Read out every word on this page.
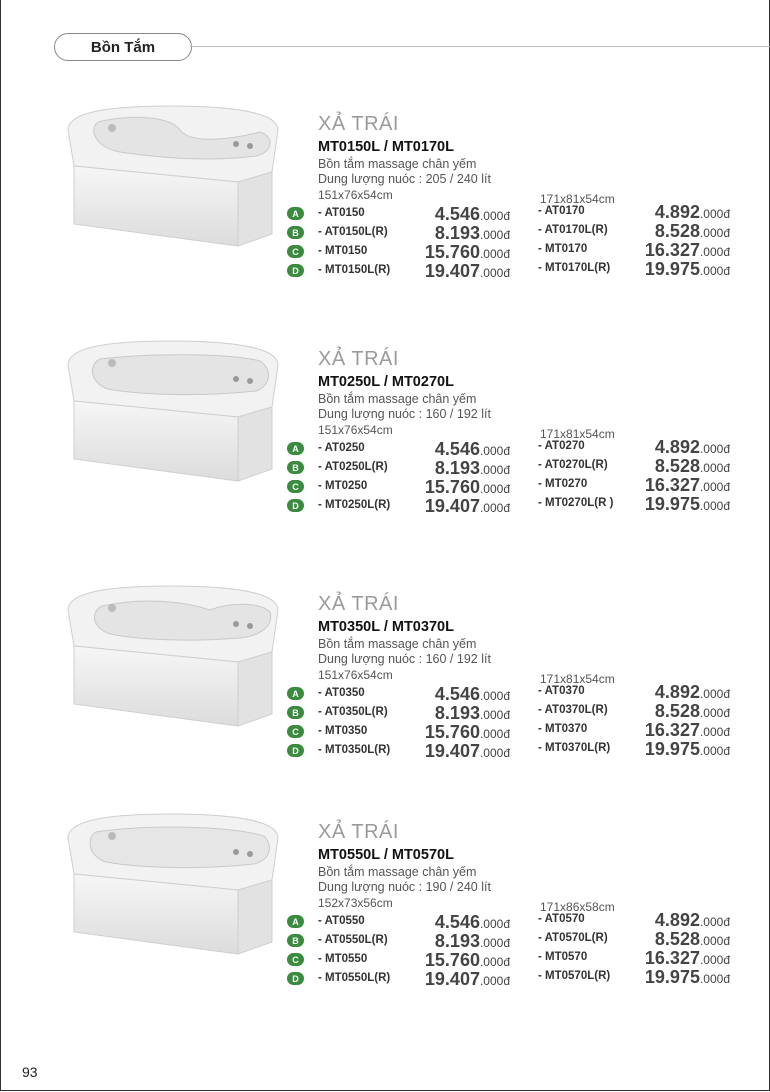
Bồn Tắm
XẢ TRÁI
MT0150L / MT0170L
Bồn tắm massage chân yếm
Dung lượng nuóc : 205 / 240 lít
151x76x54cm	171x81x54cm
A	- AT0150	4.546.000đ - AT0170	4.892.000đ
B	- AT0150L(R)	8.193.000đ - AT0170L(R)	8.528.000đ
C	- MT0150	15.760.000đ - MT0170	16.327.000đ
D	- MT0150L(R) 19.407.000đ - MT0170L(R) 19.975.000đ
XẢ TRÁI
MT0250L / MT0270L
Bồn tắm massage chân yếm
Dung lượng nuóc : 160 / 192 lít
151x76x54cm	171x81x54cm
A	- AT0250	4.546.000đ - AT0270	4.892.000đ
B	- AT0250L(R)	8.193.000đ - AT0270L(R)	8.528.000đ
C	- MT0250	15.760.000đ - MT0270	16.327.000đ
D	- MT0250L(R) 19.407.000đ - MT0270L(R ) 19.975.000đ
XẢ TRÁI
MT0350L / MT0370L
Bồn tắm massage chân yếm
Dung lượng nuóc : 160 / 192 lít
151x76x54cm	171x81x54cm
A	- AT0350	4.546.000đ - AT0370	4.892.000đ
B	- AT0350L(R)	8.193.000đ - AT0370L(R)	8.528.000đ
C	- MT0350	15.760.000đ - MT0370	16.327.000đ
D	- MT0350L(R) 19.407.000đ - MT0370L(R) 19.975.000đ
XẢ TRÁI
MT0550L / MT0570L
Bồn tắm massage chân yếm
Dung lượng nuóc : 190 / 240 lít
152x73x56cm	171x86x58cm
A	- AT0550	4.546.000đ - AT0570	4.892.000đ
B	- AT0550L(R)	8.193.000đ - AT0570L(R)	8.528.000đ
C	- MT0550	15.760.000đ - MT0570	16.327.000đ
D	- MT0550L(R) 19.407.000đ - MT0570L(R) 19.975.000đ
93
